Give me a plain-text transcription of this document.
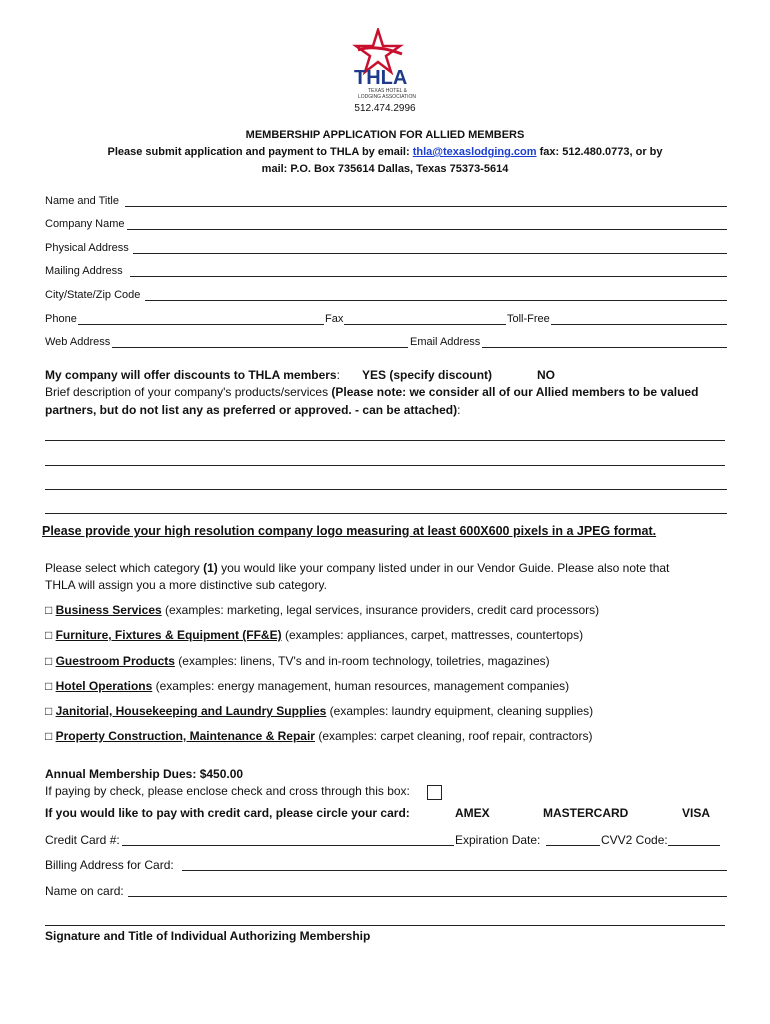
THLA
TEXAS HOTEL &
LODGING ASSOCIATION
512.474.2996
MEMBERSHIP APPLICATION FOR ALLIED MEMBERS
Please submit application and payment to THLA by email: thla@texaslodging.com fax: 512.480.0773, or by
mail: P.O. Box 735614 Dallas, Texas 75373-5614
Name and Title
Company Name
Physical Address
Mailing Address
City/State/Zip Code
Phone	Fax	Toll-Free
Web Address	Email Address
My company will offer discounts to THLA members: YES (specify discount)	NO
Brief description of your company's products/services (Please note: we consider all of our Allied members to be valued
partners, but do not list any as preferred or approved. - can be attached):
Please provide your high resolution company logo measuring at least 600X600 pixels in a JPEG format.
Please select which category (1) you would like your company listed under in our Vendor Guide. Please also note that
THLA will assign you a more distinctive sub category.
□ Business Services (examples: marketing, legal services, insurance providers, credit card processors)
□ Furniture, Fixtures & Equipment (FF&E) (examples: appliances, carpet, mattresses, countertops)
□ Guestroom Products (examples: linens, TV's and in-room technology, toiletries, magazines)
□ Hotel Operations (examples: energy management, human resources, management companies)
□ Janitorial, Housekeeping and Laundry Supplies (examples: laundry equipment, cleaning supplies)
□ Property Construction, Maintenance & Repair (examples: carpet cleaning, roof repair, contractors)
Annual Membership Dues: $450.00
If paying by check, please enclose check and cross through this box:
If you would like to pay with credit card, please circle your card:	AMEX	MASTERCARD	VISA
Credit Card #:	Expiration Date:	CVV2 Code:
Billing Address for Card:
Name on card:
Signature and Title of Individual Authorizing Membership
